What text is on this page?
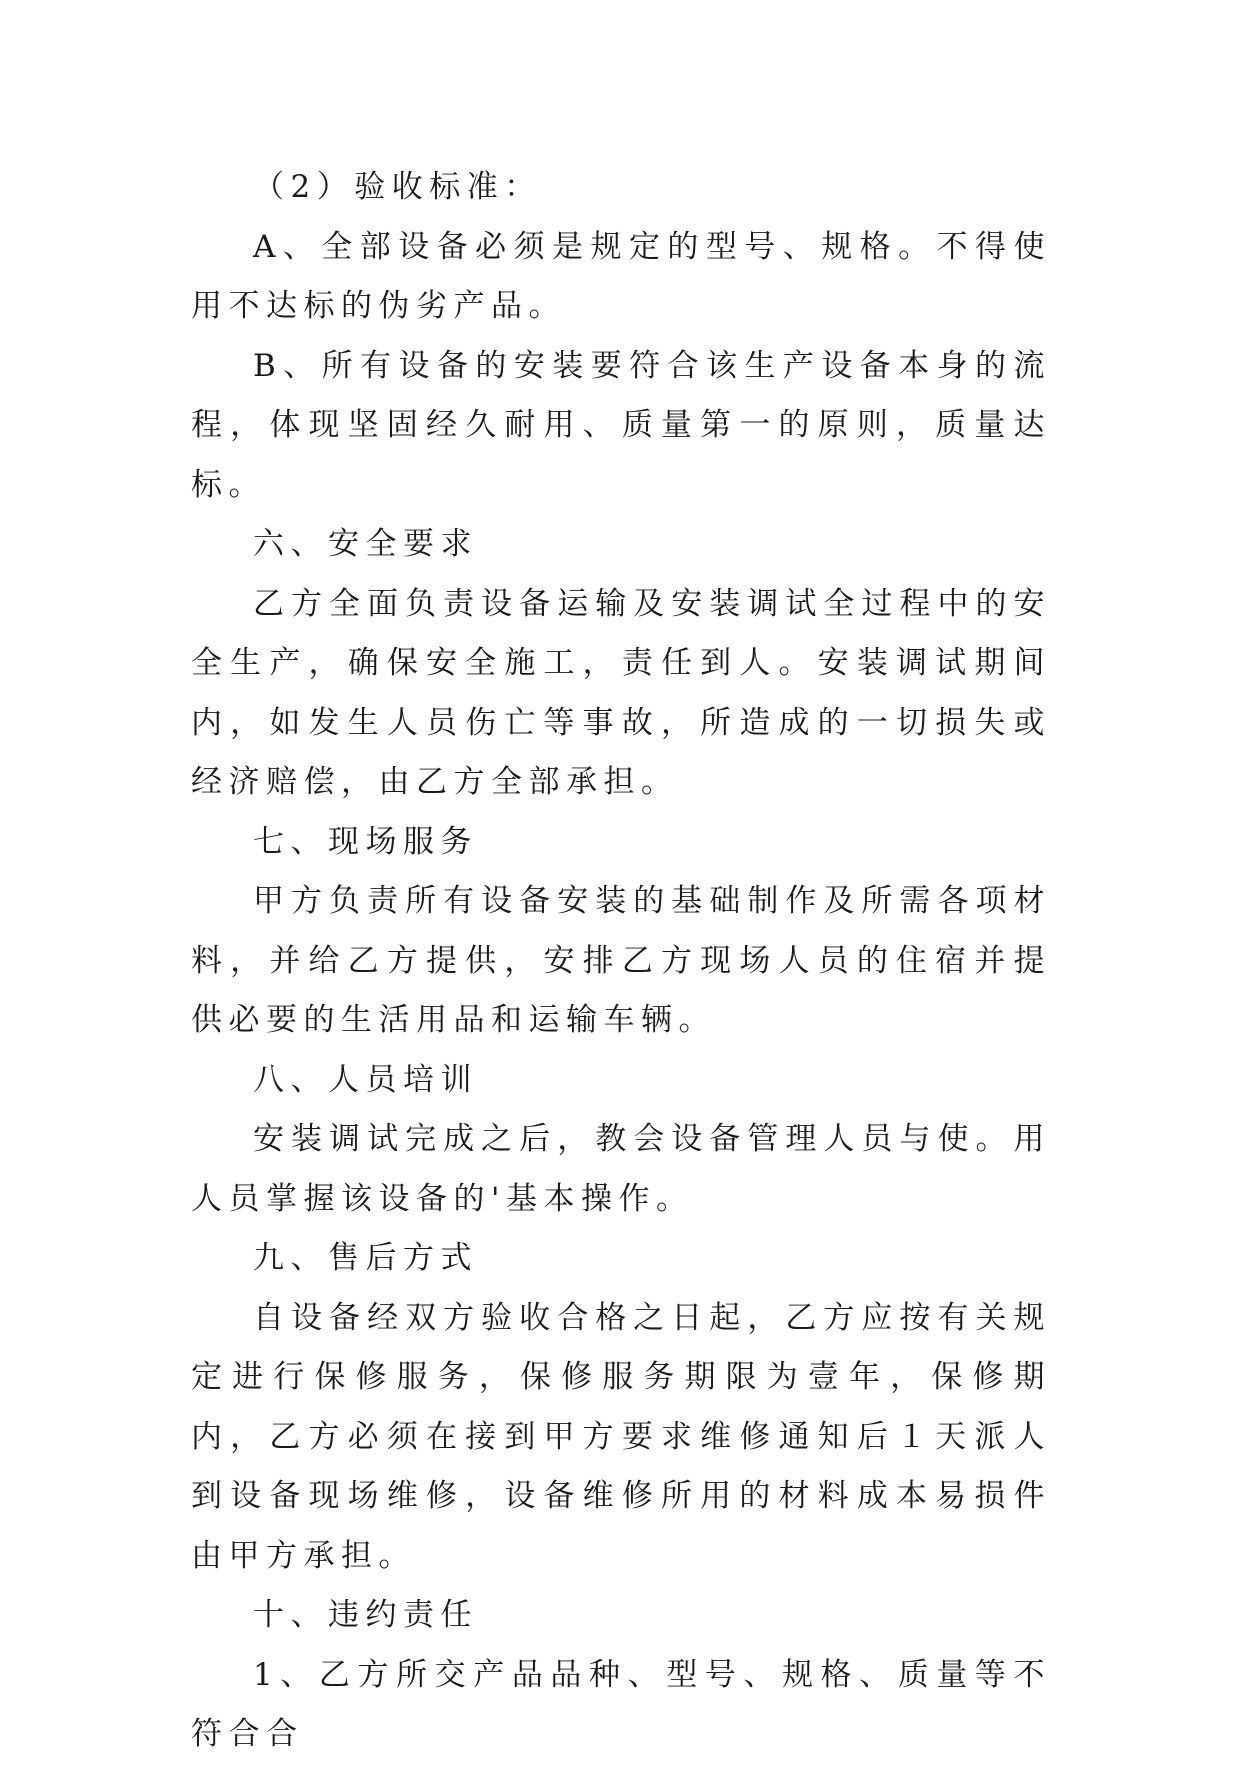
（2）验收标准：

A、全部设备必须是规定的型号、规格。不得使用不达标的伪劣产品。

B、所有设备的安装要符合该生产设备本身的流程，体现坚固经久耐用、质量第一的原则，质量达标。

六、安全要求

乙方全面负责设备运输及安装调试全过程中的安全生产，确保安全施工，责任到人。安装调试期间内，如发生人员伤亡等事故，所造成的一切损失或经济赔偿，由乙方全部承担。

七、现场服务

甲方负责所有设备安装的基础制作及所需各项材料，并给乙方提供，安排乙方现场人员的住宿并提供必要的生活用品和运输车辆。

八、人员培训

安装调试完成之后，教会设备管理人员与使。用人员掌握该设备的'基本操作。

九、售后方式

自设备经双方验收合格之日起，乙方应按有关规定进行保修服务，保修服务期限为壹年，保修期内，乙方必须在接到甲方要求维修通知后１天派人到设备现场维修，设备维修所用的材料成本易损件由甲方承担。

十、违约责任

1、乙方所交产品品种、型号、规格、质量等不符合合
